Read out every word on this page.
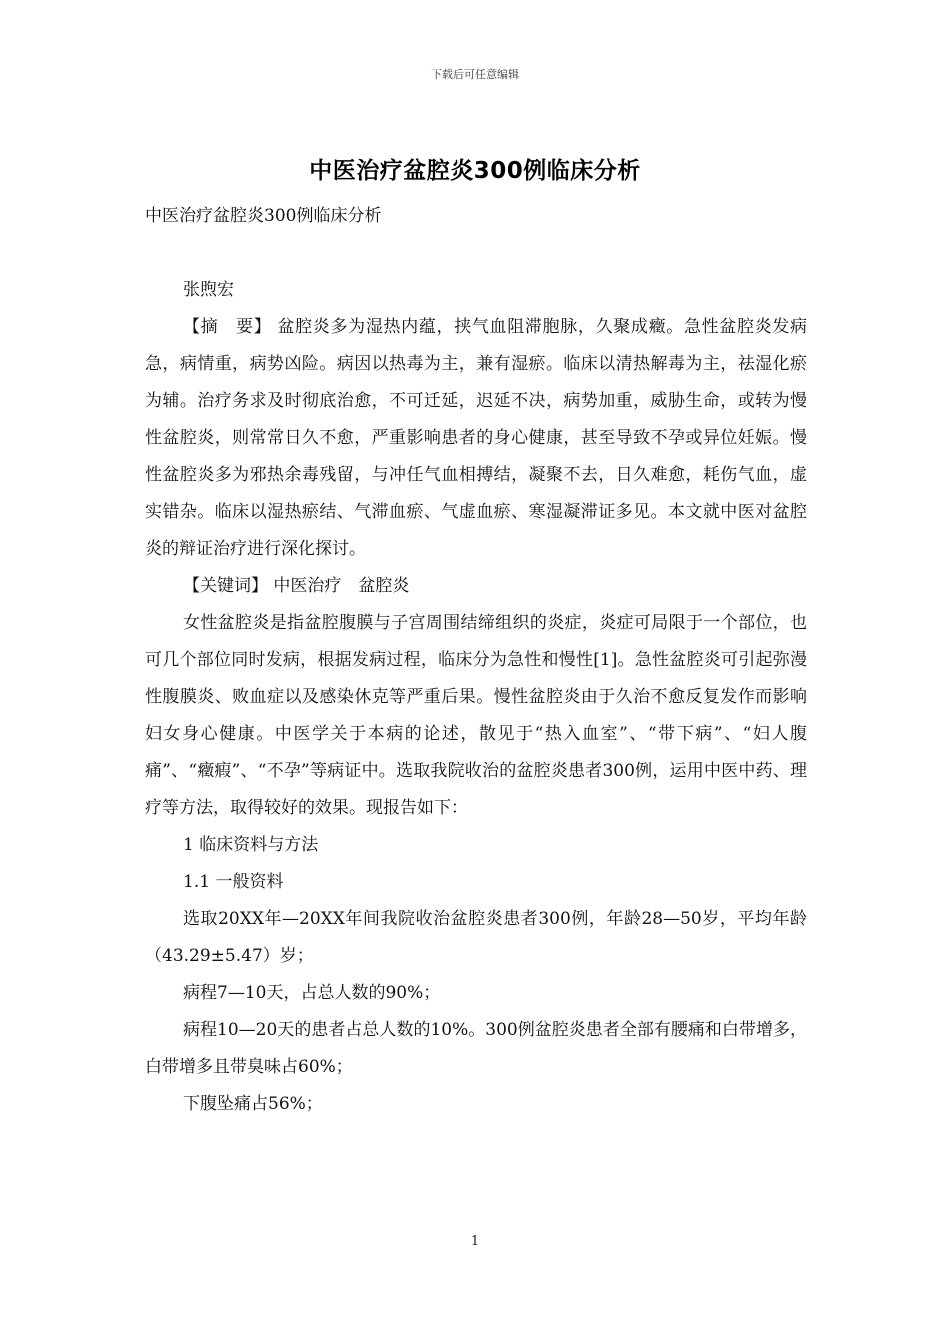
下载后可任意编辑
中医治疗盆腔炎300例临床分析

中医治疗盆腔炎300例临床分析

张煦宏

【摘　要】 盆腔炎多为湿热内蕴，挟气血阻滞胞脉，久聚成癥。急性盆腔炎发病急，病情重，病势凶险。病因以热毒为主，兼有湿瘀。临床以清热解毒为主，祛湿化瘀为辅。治疗务求及时彻底治愈，不可迁延，迟延不决，病势加重，威胁生命，或转为慢性盆腔炎，则常常日久不愈，严重影响患者的身心健康，甚至导致不孕或异位妊娠。慢性盆腔炎多为邪热余毒残留，与冲任气血相搏结，凝聚不去，日久难愈，耗伤气血，虚实错杂。临床以湿热瘀结、气滞血瘀、气虚血瘀、寒湿凝滞证多见。本文就中医对盆腔炎的辩证治疗进行深化探讨。

【关键词】 中医治疗　盆腔炎

女性盆腔炎是指盆腔腹膜与子宫周围结缔组织的炎症，炎症可局限于一个部位，也可几个部位同时发病，根据发病过程，临床分为急性和慢性[1]。急性盆腔炎可引起弥漫性腹膜炎、败血症以及感染休克等严重后果。慢性盆腔炎由于久治不愈反复发作而影响妇女身心健康。中医学关于本病的论述，散见于“热入血室”、“带下病”、“妇人腹痛”、“癥瘕”、“不孕”等病证中。选取我院收治的盆腔炎患者300例，运用中医中药、理疗等方法，取得较好的效果。现报告如下：

1 临床资料与方法

1.1 一般资料

选取20XX年—20XX年间我院收治盆腔炎患者300例，年龄28—50岁，平均年龄（43.29±5.47）岁；

病程7—10天，占总人数的90%；

病程10—20天的患者占总人数的10%。300例盆腔炎患者全部有腰痛和白带增多，白带增多且带臭味占60%；

下腹坠痛占56%；

1
